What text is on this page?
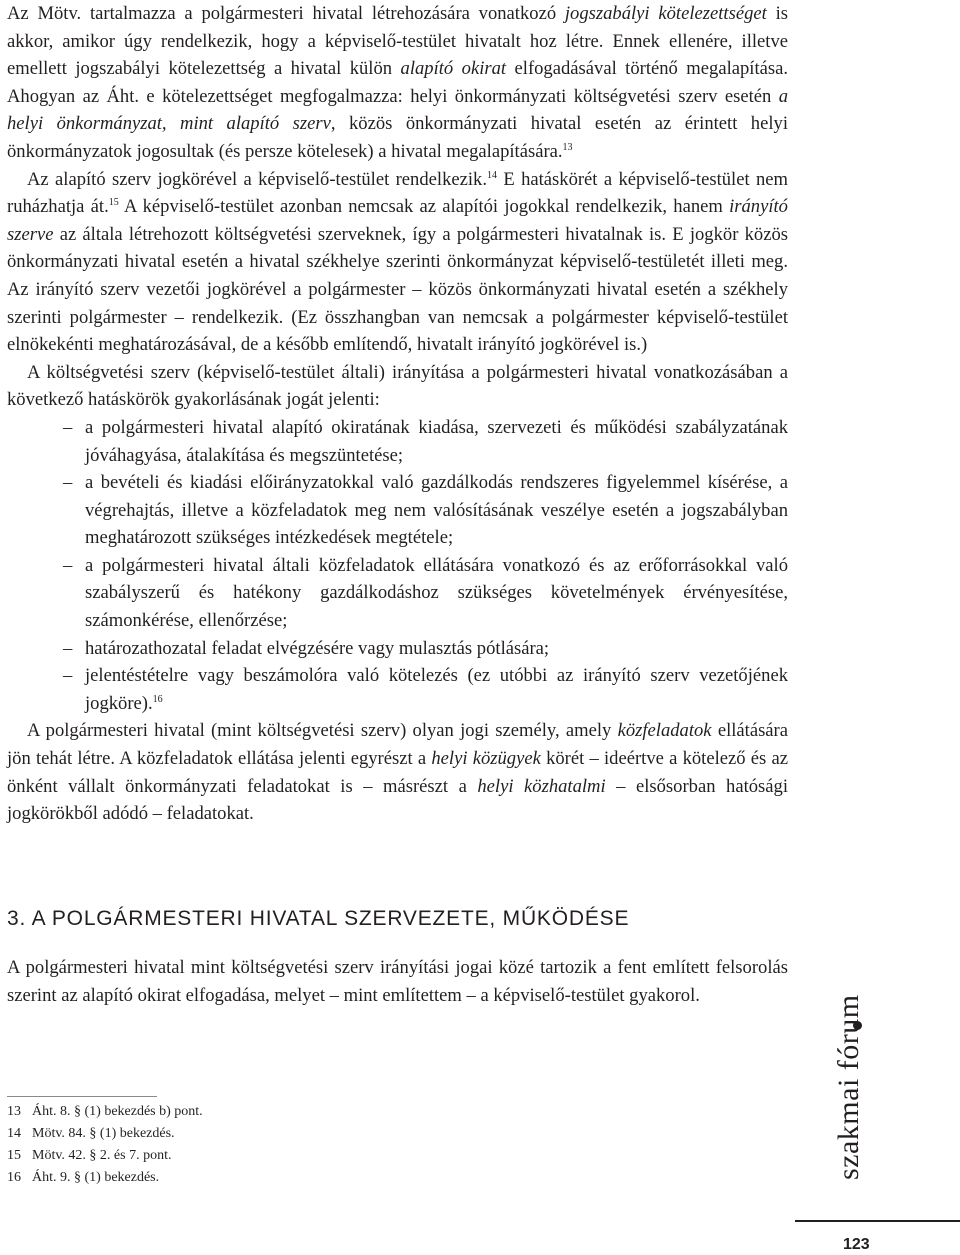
Az Mötv. tartalmazza a polgármesteri hivatal létrehozására vonatkozó jogszabályi kötelezettséget is akkor, amikor úgy rendelkezik, hogy a képviselő-testület hivatalt hoz létre. Ennek ellenére, illetve emellett jogszabályi kötelezettség a hivatal külön alapító okirat elfogadásával történő megalapítása. Ahogyan az Áht. e kötelezettséget megfogalmazza: helyi önkormányzati költségvetési szerv esetén a helyi önkormányzat, mint alapító szerv, közös önkormányzati hivatal esetén az érintett helyi önkormányzatok jogosultak (és persze kötelesek) a hivatal megalapítására.$^{13}$

Az alapító szerv jogkörével a képviselő-testület rendelkezik.$^{14}$ E hatáskörét a képviselő-testület nem ruházhatja át.$^{15}$ A képviselő-testület azonban nemcsak az alapítói jogokkal rendelkezik, hanem irányító szerve az általa létrehozott költségvetési szerveknek, így a polgármesteri hivatalnak is. E jogkör közös önkormányzati hivatal esetén a hivatal székhelye szerinti önkormányzat képviselő-testületét illeti meg. Az irányító szerv vezetői jogkörével a polgármester – közös önkormányzati hivatal esetén a székhely szerinti polgármester – rendelkezik. (Ez összhangban van nemcsak a polgármester képviselő-testület elnökekénti meghatározásával, de a később említendő, hivatalt irányító jogkörével is.)

A költségvetési szerv (képviselő-testület általi) irányítása a polgármesteri hivatal vonatkozásában a következő hatáskörök gyakorlásának jogát jelenti:

– a polgármesteri hivatal alapító okiratának kiadása, szervezeti és működési szabályzatának jóváhagyása, átalakítása és megszüntetése;
– a bevételi és kiadási előirányzatokkal való gazdálkodás rendszeres figyelemmel kísérése, a végrehajtás, illetve a közfeladatok meg nem valósításának veszélye esetén a jogszabályban meghatározott szükséges intézkedések megtétele;
– a polgármesteri hivatal általi közfeladatok ellátására vonatkozó és az erőforrásokkal való szabályszerű és hatékony gazdálkodáshoz szükséges követelmények érvényesítése, számonkérése, ellenőrzése;
– határozathozatal feladat elvégzésére vagy mulasztás pótlására;
– jelentéstételre vagy beszámolóra való kötelezés (ez utóbbi az irányító szerv vezetőjének jogköre).$^{16}$

A polgármesteri hivatal (mint költségvetési szerv) olyan jogi személy, amely közfeladatok ellátására jön tehát létre. A közfeladatok ellátása jelenti egyrészt a helyi közügyek körét – ideértve a kötelező és az önként vállalt önkormányzati feladatokat is – másrészt a helyi közhatalmi – elsősorban hatósági jogkörökből adódó – feladatokat.

3. A POLGÁRMESTERI HIVATAL SZERVEZETE, MŰKÖDÉSE
A polgármesteri hivatal mint költségvetési szerv irányítási jogai közé tartozik a fent említett felsorolás szerint az alapító okirat elfogadása, melyet – mint említettem – a képviselő-testület gyakorol.
13 Áht. 8. § (1) bekezdés b) pont.
14 Mötv. 84. § (1) bekezdés.
15 Mötv. 42. § 2. és 7. pont.
16 Áht. 9. § (1) bekezdés.	szakmai fórum
123
